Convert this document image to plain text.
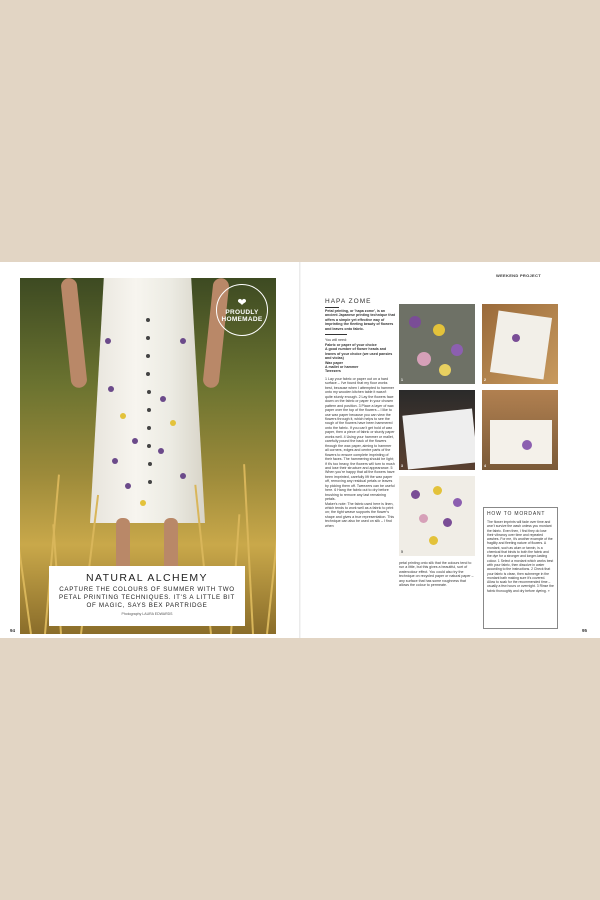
❤
PROUDLY
HOMEMADE
NATURAL ALCHEMY
CAPTURE THE COLOURS OF SUMMER WITH TWO PETAL PRINTING TECHNIQUES. IT'S A LITTLE BIT OF MAGIC, SAYS BEX PARTRIDGE
Photography LAURA EDWARDS
94
WEEKEND PROJECT
HAPA ZOME

Petal printing, or 'hapa zome', is an ancient Japanese printing technique that offers a simple yet effective way of imprinting the fleeting beauty of flowers and leaves onto fabric.

You will need:

Fabric or paper of your choice

A good number of flower heads and leaves of your choice (we used pansies and violas)

Wax paper

A mallet or hammer

Tweezers

1 Lay your fabric or paper out on a hard surface – I've found that my floor works best, because when I attempted to hammer onto my wooden kitchen table it wasn't quite sturdy enough. 2 Lay the flowers face down on the fabric or paper in your chosen pattern and position. 3 Place a layer of wax paper over the top of the flowers – I like to use wax paper because you can view the flowers through it, which helps to see the rough of the flowers have been hammered onto the fabric. If you can't get hold of wax paper, then a piece of fabric or sturdy paper works well. 4 Using your hammer or mallet, carefully pound the back of the flowers through the wax paper, aiming to hammer all corners, edges and centre parts of the flowers to ensure complete imprinting of their faces. The hammering should be light; if it's too heavy, the flowers will turn to mush and lose their structure and appearance. 5 When you're happy that all the flowers have been imprinted, carefully lift the wax paper off, removing any residual petals or leaves by picking them off. Tweezers can be useful here. 6 Hang the fabric out to dry before brushing to remove any last remaining petals.

Maker's note: The fabric used here is linen, which tends to work well as a fabric to print on; the tight weave supports the flower's shape and gives a true representation. This technique can also be used on silk – I find when

1	2
3	4
5

petal printing onto silk that the colours tend to run a little, but this gives a beautiful, sort of watercolour effect. You could also try the technique on recycled paper or natural paper – any surface that has some roughness that allows the colour to permeate.

HOW TO MORDANT
The flower imprints will fade over time and won't survive the wash unless you mordant the fabric. Even then, I find they do lose their vibrancy over time and repeated washes. For me, it's another example of the fragility and fleeting nature of flowers. A mordant, such as alum or tannin, is a chemical that binds to both the fabric and the dye for a stronger and longer-lasting colour. 1 Select a mordant which works best with your fabric, then dissolve in water according to the instructions. 2 Check that your fabric is clean, then submerge in the mordant bath making sure it's covered. Allow to soak for the recommended time – usually a few hours or overnight. 3 Rinse the fabric thoroughly and dry before dyeing. »
95
